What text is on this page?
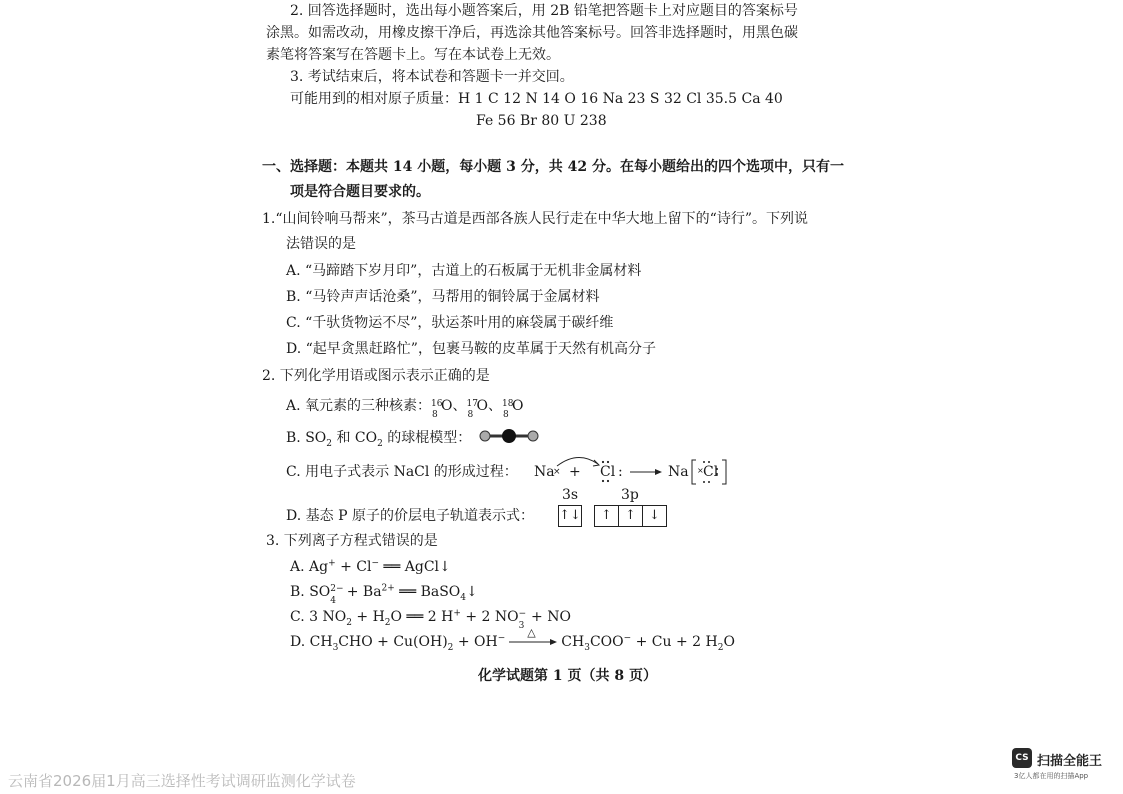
2. 回答选择题时，选出每小题答案后，用 2B 铅笔把答题卡上对应题目的答案标号
涂黑。如需改动，用橡皮擦干净后，再选涂其他答案标号。回答非选择题时，用黑色碳
素笔将答案写在答题卡上。写在本试卷上无效。
3. 考试结束后，将本试卷和答题卡一并交回。
可能用到的相对原子质量：H 1 C 12 N 14 O 16 Na 23 S 32 Cl 35.5 Ca 40
Fe 56 Br 80 U 238
一、选择题：本题共 14 小题，每小题 3 分，共 42 分。在每小题给出的四个选项中，只有一
项是符合题目要求的。
1.“山间铃响马帮来”，茶马古道是西部各族人民行走在中华大地上留下的“诗行”。下列说
法错误的是
A. “马蹄踏下岁月印”，古道上的石板属于无机非金属材料
B. “马铃声声话沧桑”，马帮用的铜铃属于金属材料
C. “千驮货物运不尽”，驮运茶叶用的麻袋属于碳纤维
D. “起早贪黑赶路忙”，包裹马鞍的皮革属于天然有机高分子
2. 下列化学用语或图示表示正确的是
A. 氧元素的三种核素： 16
8
O、 17
8
O、 18
8
O
B. $SO_2$ 和 $CO_2$ 的球棍模型：
C. 用电子式表示 NaCl 的形成过程： Na + Cl :
×	×
Na Cl
3s	3p
D. 基态 P 原子的价层电子轨道表示式： ↑↓	↑ ↑ ↓
3. 下列离子方程式错误的是
A. Ag+ + Cl− ══ AgCl↓
B. SO 2−
4
+ $Ba^{2+}$ ══ BaSO$_4$↓
C. 3 $NO_2 + H_2O$ ══ 2 H+ + 2 NO −
3
+ NO
D. $CH_3CHO + Cu(OH)_2 + OH^-$ △
$CH_3COO^- + Cu + 2$ $H_2O$
化学试题第 1 页（共 8 页）
云南省2026届1月高三选择性考试调研监测化学试卷
CS 扫描全能王
3亿人都在用的扫描App
